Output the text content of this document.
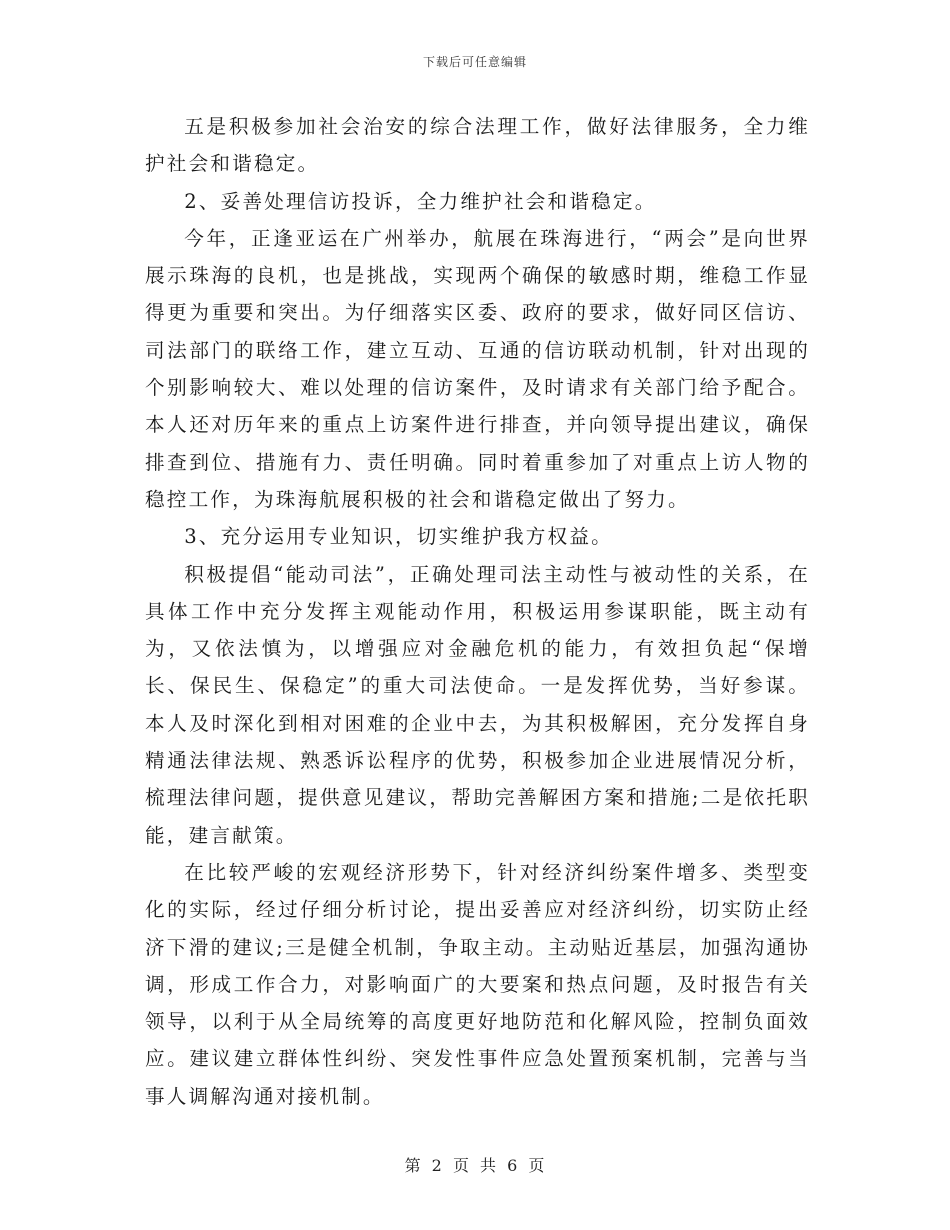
下载后可任意编辑

五是积极参加社会治安的综合法理工作，做好法律服务，全力维护社会和谐稳定。

2、妥善处理信访投诉，全力维护社会和谐稳定。

今年，正逢亚运在广州举办，航展在珠海进行，“两会”是向世界展示珠海的良机，也是挑战，实现两个确保的敏感时期，维稳工作显得更为重要和突出。为仔细落实区委、政府的要求，做好同区信访、司法部门的联络工作，建立互动、互通的信访联动机制，针对出现的个别影响较大、难以处理的信访案件，及时请求有关部门给予配合。本人还对历年来的重点上访案件进行排查，并向领导提出建议，确保排查到位、措施有力、责任明确。同时着重参加了对重点上访人物的稳控工作，为珠海航展积极的社会和谐稳定做出了努力。

3、充分运用专业知识，切实维护我方权益。

积极提倡“能动司法”，正确处理司法主动性与被动性的关系，在具体工作中充分发挥主观能动作用，积极运用参谋职能，既主动有为，又依法慎为，以增强应对金融危机的能力，有效担负起“保增长、保民生、保稳定”的重大司法使命。一是发挥优势，当好参谋。本人及时深化到相对困难的企业中去，为其积极解困，充分发挥自身精通法律法规、熟悉诉讼程序的优势，积极参加企业进展情况分析，梳理法律问题，提供意见建议，帮助完善解困方案和措施;二是依托职能，建言献策。

在比较严峻的宏观经济形势下，针对经济纠纷案件增多、类型变化的实际，经过仔细分析讨论，提出妥善应对经济纠纷，切实防止经济下滑的建议;三是健全机制，争取主动。主动贴近基层，加强沟通协调，形成工作合力，对影响面广的大要案和热点问题，及时报告有关领导，以利于从全局统筹的高度更好地防范和化解风险，控制负面效应。建议建立群体性纠纷、突发性事件应急处置预案机制，完善与当事人调解沟通对接机制。

第 2 页 共 6 页
